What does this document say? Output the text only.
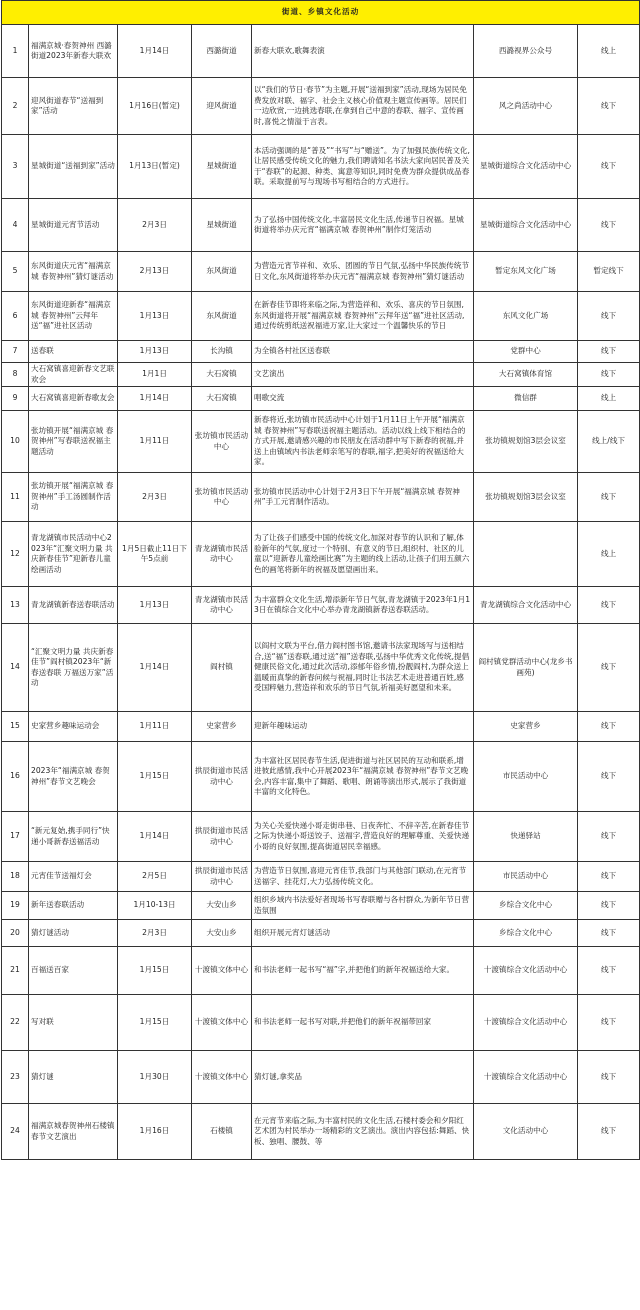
街道、乡镇文化活动						
1	福满京城·春贺神州 西潞街道2023年新春大联欢	1月14日	西潞街道	新春大联欢,歌舞表演	西潞视界公众号	线上
2	迎风街道春节“送福到家”活动	1月16日(暂定)	迎风街道	以“我们的节日·春节”为主题,开展“送福到家”活动,现场为居民免费发放对联、福字、社会主义核心价值观主题宣传画等。居民们一边欣赏,一边挑选春联,在拿到自己中意的春联、福字、宣传画时,喜悦之情溢于言表。	风之尚活动中心	线下
3	星城街道“送福到家”活动	1月13日(暂定)	星城街道	本活动强调的是“普及”“书写”与“赠送”。为了加强民族传统文化,让居民感受传统文化的魅力,我们聘请知名书法大家向居民普及关于“春联”的起源、种类、寓意等知识,同时免费为群众提供成品春联。采取提前写与现场书写相结合的方式进行。	星城街道综合文化活动中心	线下
4	星城街道元宵节活动	2月3日	星城街道	为了弘扬中国传统文化,丰富居民文化生活,传递节日祝福。星城街道将举办庆元宵“福满京城 春贺神州”制作灯笼活动	星城街道综合文化活动中心	线下
5	东风街道庆元宵“福满京城 春贺神州”猜灯谜活动	2月13日	东风街道	为营造元宵节祥和、欢乐、团圆的节日气氛,弘扬中华民族传统节日文化,东风街道将举办庆元宵“福满京城 春贺神州”猜灯谜活动	暂定东风文化广场	暂定线下
6	东风街道迎新春“福满京城 春贺神州”云拜年送“福”进社区活动	1月13日	东风街道	在新春佳节即将来临之际,为营造祥和、欢乐、喜庆的节日氛围,东风街道将开展“福满京城 春贺神州”云拜年送“福”进社区活动,通过传统剪纸送祝福进万家,让大家过一个温馨快乐的节日	东风文化广场	线下
7	送春联	1月13日	长沟镇	为全镇各村社区送春联	党群中心	线下
8	大石窝镇喜迎新春文艺联欢会	1月1日	大石窝镇	文艺演出	大石窝镇体育馆	线下
9	大石窝镇喜迎新春歌友会	1月14日	大石窝镇	唱歌交流	微信群	线上
10	张坊镇开展“福满京城 春贺神州”写春联送祝福主题活动	1月11日	张坊镇市民活动中心	新春将近,张坊镇市民活动中心计划于1月11日上午开展“福满京城 春贺神州”写春联送祝福主题活动。活动以线上线下相结合的方式开展,邀请感兴趣的市民朋友在活动群中写下新春的祝福,并送上由镇域内书法老师亲笔写的春联,福字,把美好的祝福送给大家。	张坊镇规划馆3层会议室	线上/线下
11	张坊镇开展“福满京城 春贺神州”手工汤圆制作活动	2月3日	张坊镇市民活动中心	张坊镇市民活动中心计划于2月3日下午开展“福满京城 春贺神州”手工元宵制作活动。	张坊镇规划馆3层会议室	线下
12	青龙湖镇市民活动中心2023年“汇聚文明力量 共庆新春佳节”迎新春儿童绘画活动	1月5日截止11日下午5点前	青龙湖镇市民活动中心	为了让孩子们感受中国的传统文化,加深对春节的认识和了解,体验新年的气氛,度过一个特别、有意义的节日,组织村、社区的儿童以“迎新春儿童绘画比赛”为主题的线上活动,让孩子们用五颜六色的画笔将新年的祝福及愿望画出来。		线上
13	青龙湖镇新春送春联活动	1月13日	青龙湖镇市民活动中心	为丰富群众文化生活,增添新年节日气氛,青龙湖镇于2023年1月13日在镇综合文化中心举办青龙湖镇新春送春联活动。	青龙湖镇综合文化活动中心	线下
14	“汇聚文明力量 共庆新春佳节”阎村镇2023年“新春送春联 万福送万家”活动	1月14日	阎村镇	以阎村文联为平台,借力阎村图书馆,邀请书法家现场写与送相结合,送“福”送春联,通过送“福”送春联,弘扬中华优秀文化传统,提倡健康民俗文化,通过此次活动,添郁年俗乡情,扮靓阎村,为群众送上温暖而真挚的新春问候与祝福,同时让书法艺术走进普通百姓,感受国粹魅力,营造祥和欢乐的节日气氛,祈福美好愿望和未来。	阎村镇党群活动中心(龙乡书画苑)	线下
15	史家营乡趣味运动会	1月11日	史家营乡	迎新年趣味运动	史家营乡	线下
16	2023年“福满京城 春贺神州”春节文艺晚会	1月15日	拱辰街道市民活动中心	为丰富社区居民春节生活,促进街道与社区居民的互动和联系,增进彼此感情,我中心开展2023年“福满京城 春贺神州”春节文艺晚会,内容丰富,集中了舞蹈、歌唱、朗诵等演出形式,展示了我街道丰富的文化特色。	市民活动中心	线下
17	“新元复始,携手同行”快递小哥新春送福活动	1月14日	拱辰街道市民活动中心	为关心关爱快递小哥走街串巷、日夜奔忙、不辞辛苦,在新春佳节之际为快递小哥送饺子、送福字,营造良好的理解尊重、关爱快递小哥的良好氛围,提高街道居民幸福感。	快递驿站	线下
18	元宵佳节送福灯会	2月5日	拱辰街道市民活动中心	为营造节日氛围,喜迎元宵佳节,我部门与其他部门联动,在元宵节送福字、挂花灯,大力弘扬传统文化。	市民活动中心	线下
19	新年送春联活动	1月10-13日	大安山乡	组织乡域内书法爱好者现场书写春联赠与各村群众,为新年节日营造氛围	乡综合文化中心	线下
20	猜灯谜活动	2月3日	大安山乡	组织开展元宵灯谜活动	乡综合文化中心	线下
21	百福送百家	1月15日	十渡镇文体中心	和书法老师一起书写“福”字,并把他们的新年祝福送给大家。	十渡镇综合文化活动中心	线下
22	写对联	1月15日	十渡镇文体中心	和书法老师一起书写对联,并把他们的新年祝福带回家	十渡镇综合文化活动中心	线下
23	猜灯谜	1月30日	十渡镇文体中心	猜灯谜,拿奖品	十渡镇综合文化活动中心	线下
24	福满京城春贺神州石楼镇春节文艺演出	1月16日	石楼镇	在元宵节来临之际,为丰富村民的文化生活,石楼村委会和夕阳红艺术团为村民举办一场精彩的文艺演出。演出内容包括:舞蹈、快板、独唱、腰鼓、等	文化活动中心	线下
